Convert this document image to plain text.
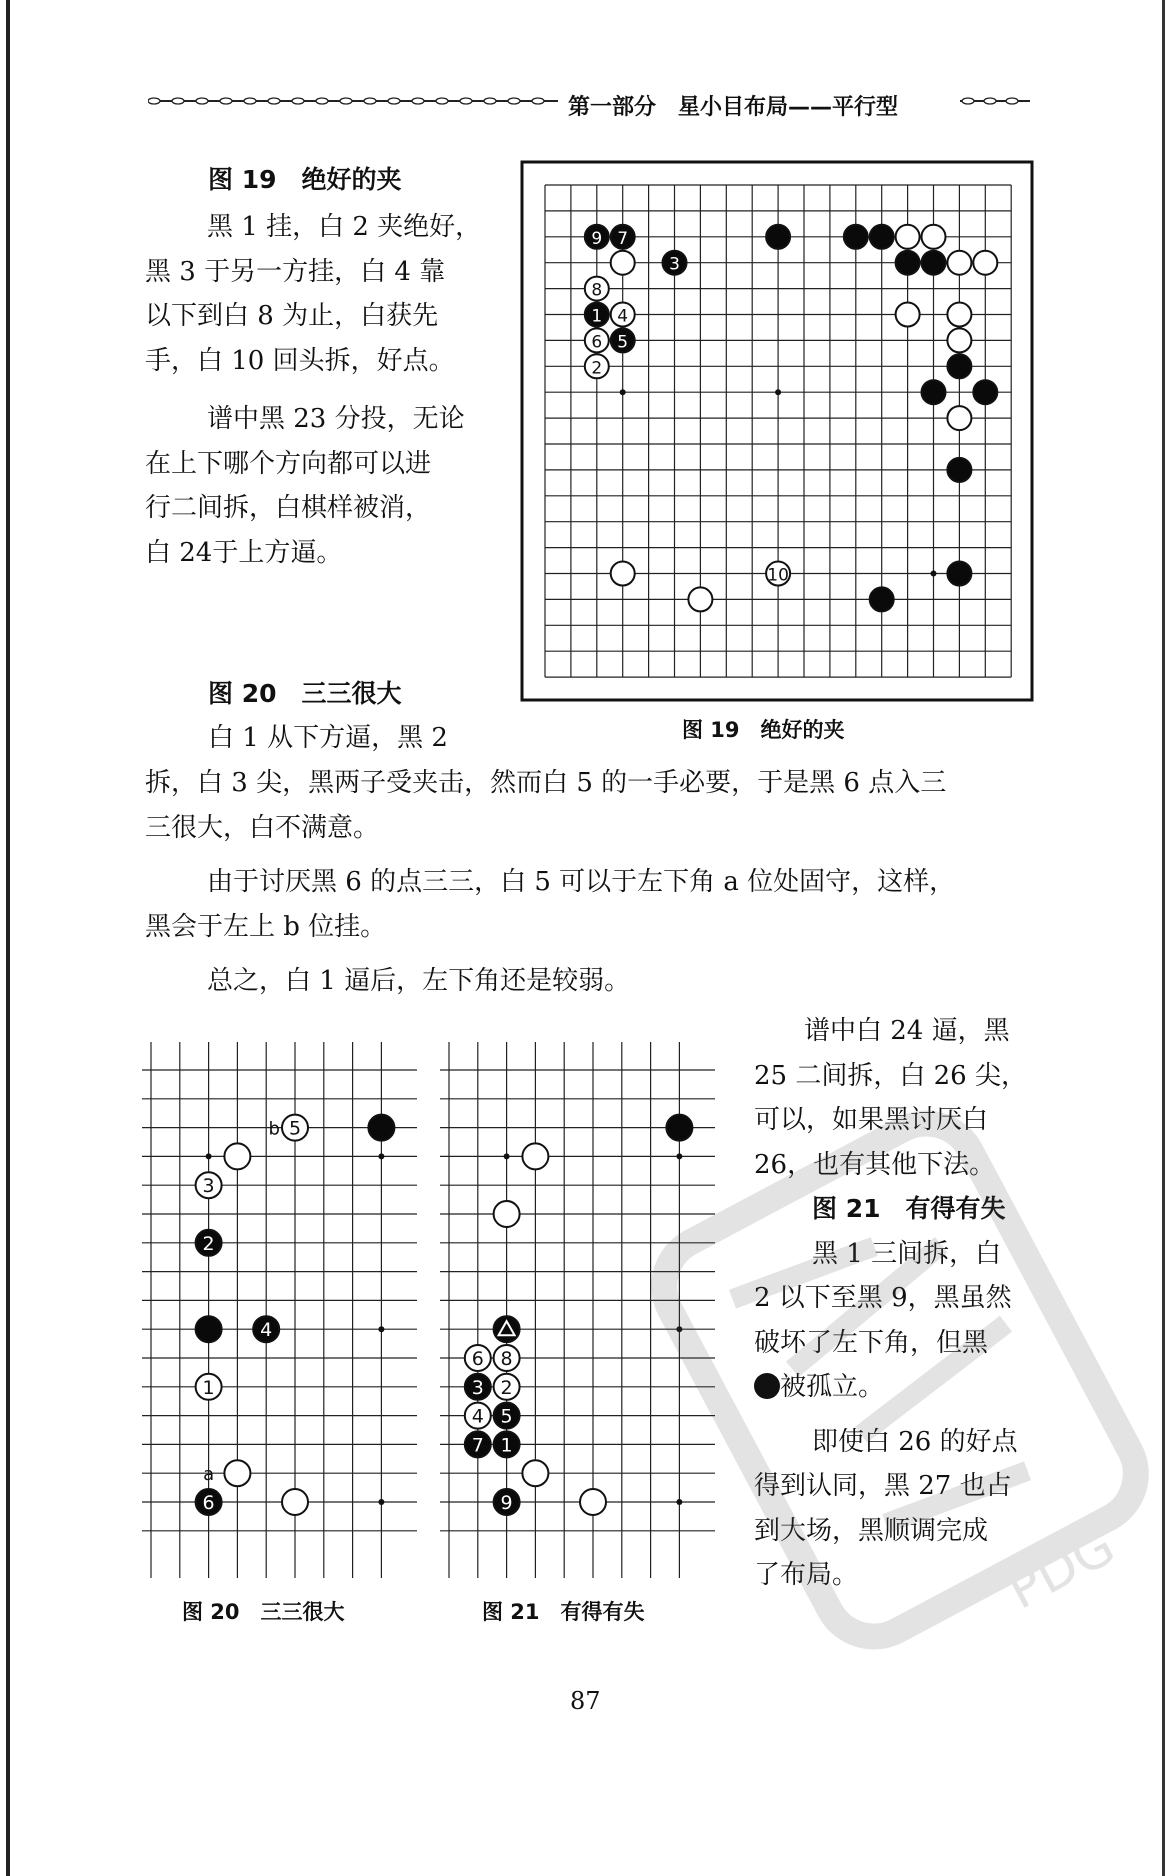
第一部分　星小目布局——平行型
图 19　绝好的夹
黑 1 挂，白 2 夹绝好，
黑 3 于另一方挂，白 4 靠
以下到白 8 为止，白获先
手，白 10 回头拆，好点。
谱中黑 23 分投，无论
在上下哪个方向都可以进
行二间拆，白棋样被消，
白 24于上方逼。
9 7
3
8
1 4
6 5
2
10
图 19　绝好的夹
图 20　三三很大
白 1 从下方逼，黑 2
拆，白 3 尖，黑两子受夹击，然而白 5 的一手必要，于是黑 6 点入三
三很大，白不满意。
由于讨厌黑 6 的点三三，白 5 可以于左下角 a 位处固守，这样，
黑会于左上 b 位挂。
总之，白 1 逼后，左下角还是较弱。
5
3
2
4
1
6
b
a
图 20　三三很大
6 8
3 2
4 5
7 1
9
图 21　有得有失
谱中白 24 逼，黑
25 二间拆，白 26 尖，
可以，如果黑讨厌白
26，也有其他下法。
图 21　有得有失
黑 1 三间拆，白
2 以下至黑 9，黑虽然
破坏了左下角，但黑
被孤立。
即使白 26 的好点
得到认同，黑 27 也占
到大场，黑顺调完成
了布局。	PDG
87
